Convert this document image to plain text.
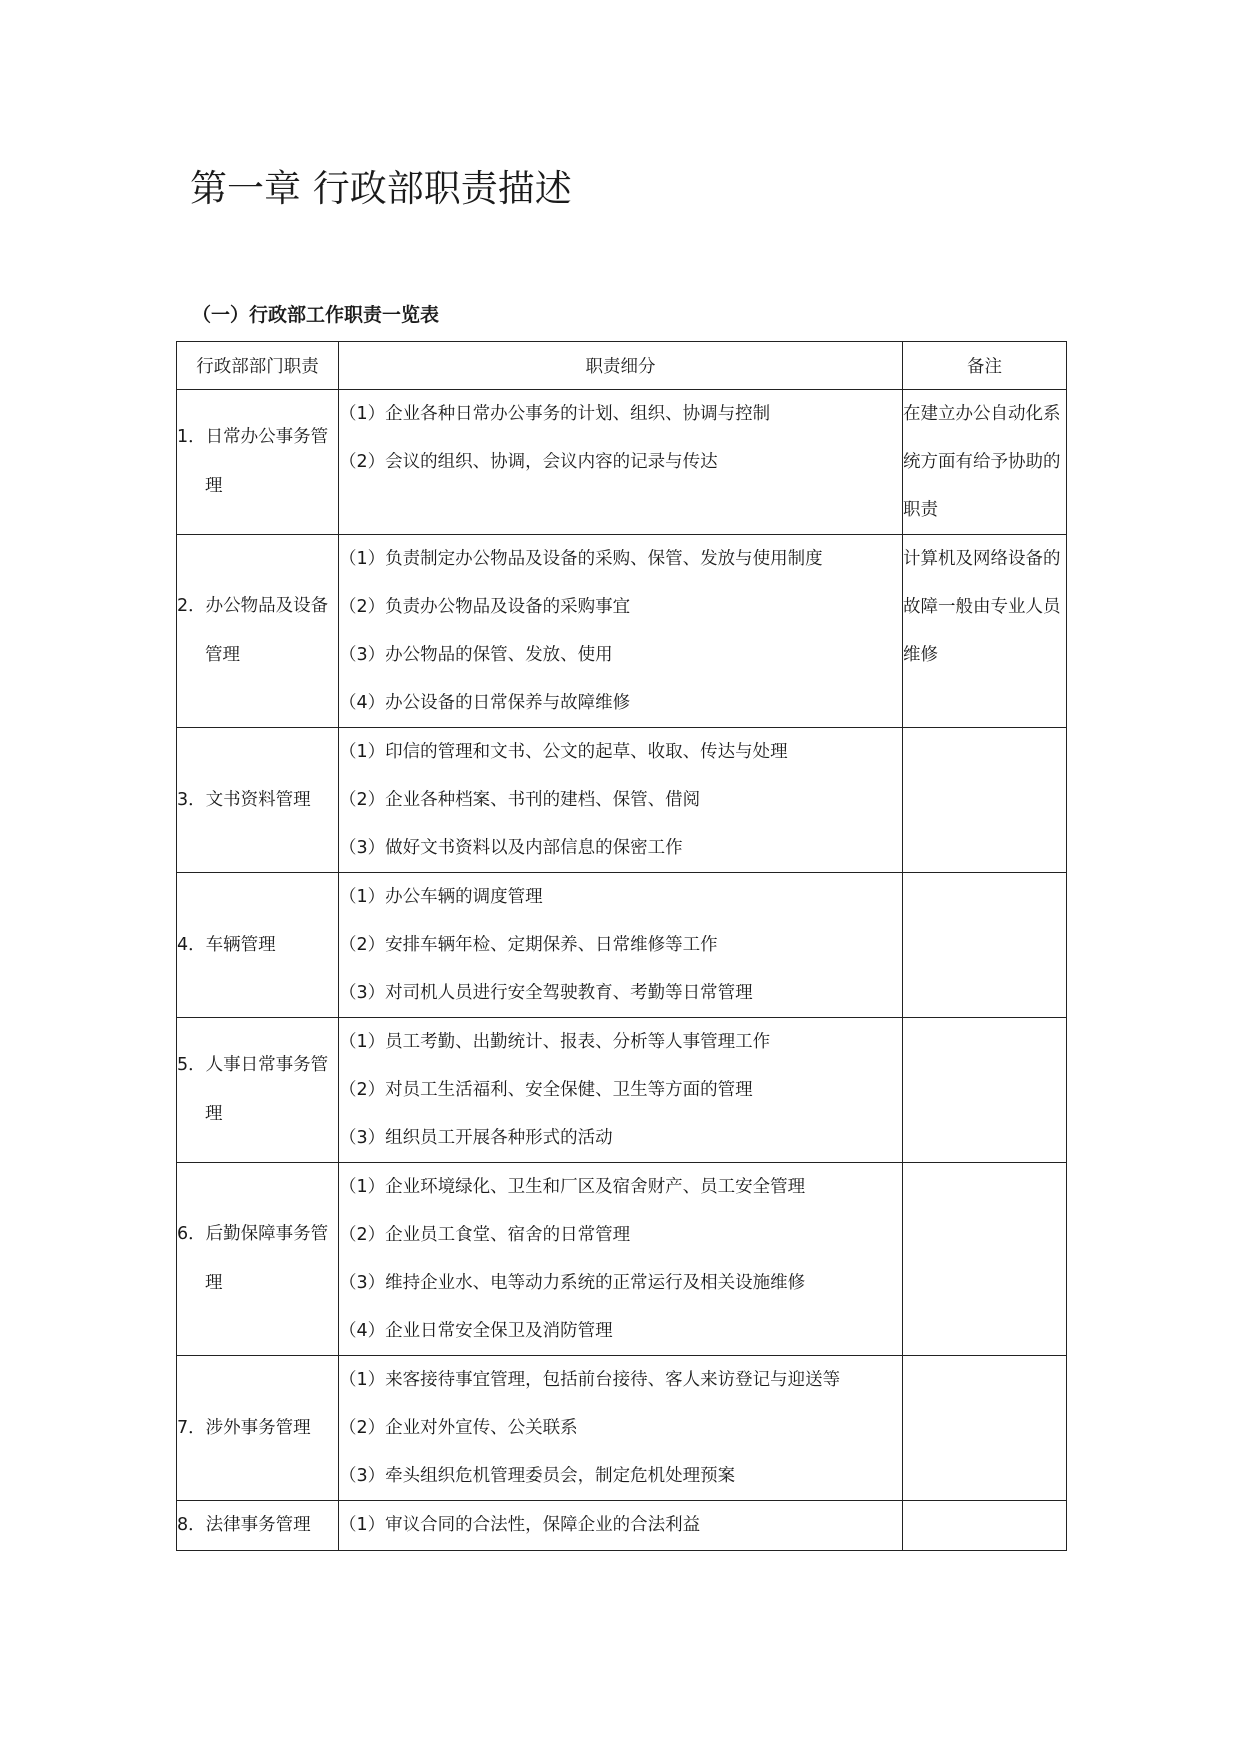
第一章 行政部职责描述
（一）行政部工作职责一览表
行政部部门职责	职责细分	备注

1．日常办公事务管理	（1）企业各种日常办公事务的计划、组织、协调与控制
（2）会议的组织、协调，会议内容的记录与传达	在建立办公自动化系统方面有给予协助的职责

2．办公物品及设备管理	（1）负责制定办公物品及设备的采购、保管、发放与使用制度
（2）负责办公物品及设备的采购事宜
（3）办公物品的保管、发放、使用
（4）办公设备的日常保养与故障维修	计算机及网络设备的故障一般由专业人员维修

3．文书资料管理	（1）印信的管理和文书、公文的起草、收取、传达与处理
（2）企业各种档案、书刊的建档、保管、借阅
（3）做好文书资料以及内部信息的保密工作	

4．车辆管理	（1）办公车辆的调度管理
（2）安排车辆年检、定期保养、日常维修等工作
（3）对司机人员进行安全驾驶教育、考勤等日常管理	

5．人事日常事务管理	（1）员工考勤、出勤统计、报表、分析等人事管理工作
（2）对员工生活福利、安全保健、卫生等方面的管理
（3）组织员工开展各种形式的活动	

6．后勤保障事务管理	（1）企业环境绿化、卫生和厂区及宿舍财产、员工安全管理
（2）企业员工食堂、宿舍的日常管理
（3）维持企业水、电等动力系统的正常运行及相关设施维修
（4）企业日常安全保卫及消防管理	

7．涉外事务管理	（1）来客接待事宜管理，包括前台接待、客人来访登记与迎送等
（2）企业对外宣传、公关联系
（3）牵头组织危机管理委员会，制定危机处理预案	

8．法律事务管理	（1）审议合同的合法性，保障企业的合法利益	
